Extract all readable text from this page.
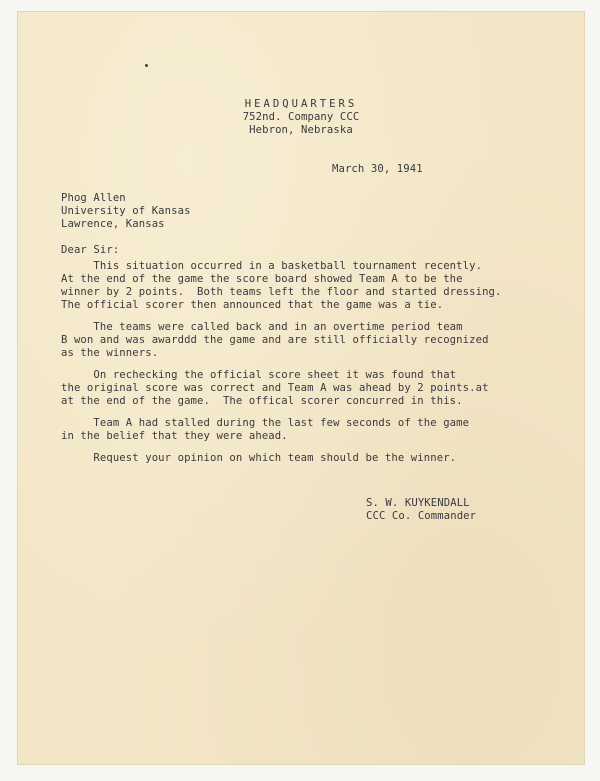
HEADQUARTERS
752nd. Company CCC
Hebron, Nebraska
March 30, 1941
Phog Allen
University of Kansas
Lawrence, Kansas
Dear Sir:
This situation occurred in a basketball tournament recently.
At the end of the game the score board showed Team A to be the
winner by 2 points.  Both teams left the floor and started dressing.
The official scorer then announced that the game was a tie.
The teams were called back and in an overtime period team
B won and was awarddd the game and are still officially recognized
as the winners.
On rechecking the official score sheet it was found that
the original score was correct and Team A was ahead by 2 points.at
at the end of the game.  The offical scorer concurred in this.
Team A had stalled during the last few seconds of the game
in the belief that they were ahead.
Request your opinion on which team should be the winner.
S. W. KUYKENDALL
CCC Co. Commander
